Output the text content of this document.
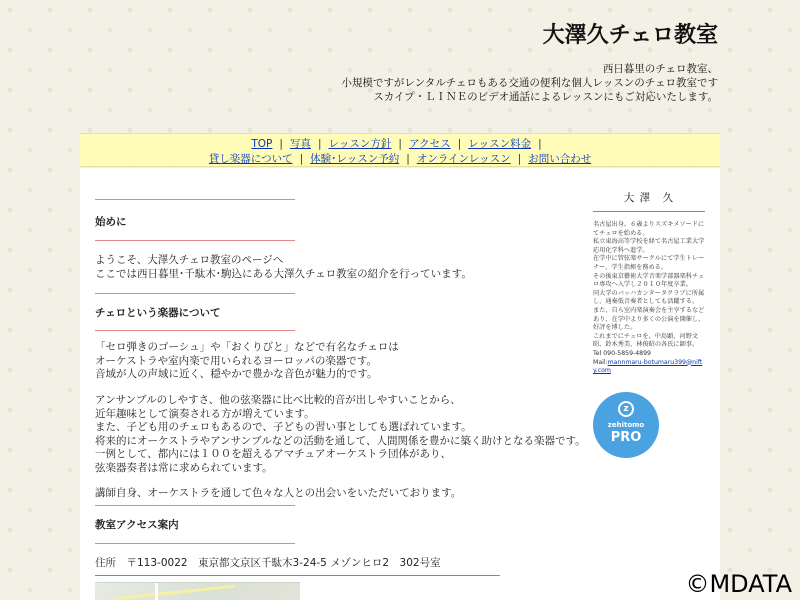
大澤久チェロ教室
西日暮里のチェロ教室、
小規模ですがレンタルチェロもある交通の便利な個人レッスンのチェロ教室です
スカイプ・ＬＩＮＥのビデオ通話によるレッスンにもご対応いたします。
TOP | 写真 | レッスン方針 | アクセス | レッスン料金 |
貸し楽器について | 体験･レッスン予約 | オンラインレッスン | お問い合わせ
始めに
ようこそ、大澤久チェロ教室のページへ
ここでは西日暮里･千駄木･駒込にある大澤久チェロ教室の紹介を行っています。
チェロという楽器について
「セロ弾きのゴーシュ」や「おくりびと」などで有名なチェロは
オーケストラや室内楽で用いられるヨーロッパの楽器です。
音域が人の声域に近く、穏やかで豊かな音色が魅力的です。
アンサンブルのしやすさ、他の弦楽器に比べ比較的音が出しやすいことから、
近年趣味として演奏される方が増えています。
また、子ども用のチェロもあるので、子どもの習い事としても選ばれています。
将来的にオーケストラやアンサンブルなどの活動を通して、人間関係を豊かに築く助けとなる楽器です。
一例として、都内には１００を超えるアマチュアオーケストラ団体があり、
弦楽器奏者は常に求められています。
講師自身、オーケストラを通して色々な人との出会いをいただいております。
教室アクセス案内
住所　〒113-0022　東京都文京区千駄木3-24-5 メゾンヒロ2　302号室
大 澤　久
名古屋出身。６歳よりスズキメソードにてチェロを始める。
私立東海高等学校を経て名古屋工業大学応用化学科へ進学。
在学中に管弦楽サークルにて学生トレーナー、学生指揮を務める。
その後東京藝術大学音楽学部器楽科チェロ専攻へ入学し２０１０年度卒業。
同大学のバッハカンタータクラブに所属し、通奏低音奏者としても活躍する。
また、自ら室内楽演奏会を主宰するなどあり、在学中より多くの公演を開催し、好評を博した。
これまでにチェロを、中島顕、河野文昭、鈴木秀美、林俊昭の各氏に師事。
Tel 090-5859-4899
Mail:mannmaru-botumaru399@nifty.com
z
zehitomo
PRO
©MDATA
